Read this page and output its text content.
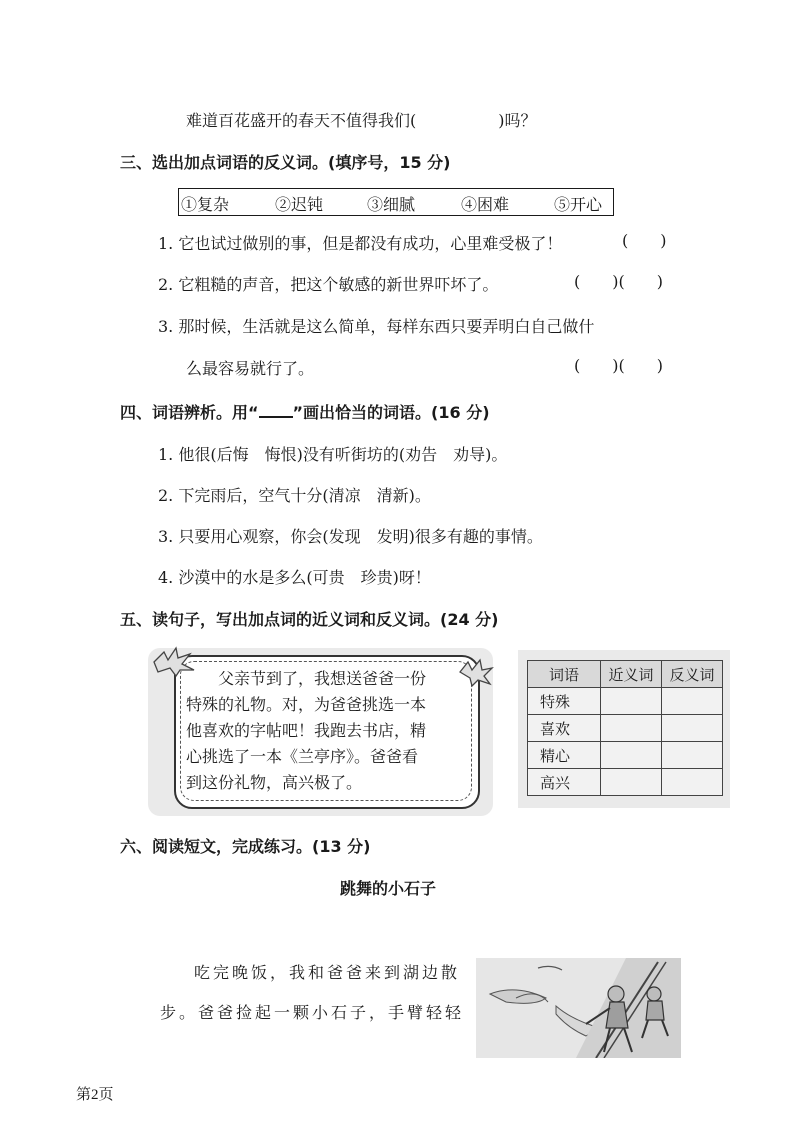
难道百花盛开的春天不值得我们(	)吗？
三、选出加点词语的反义词。(填序号，15 分)
①复杂	②迟钝	③细腻	④困难	⑤开心
1. 它也试过做别的事，但是都没有成功，心里难受极了！	( )
2. 它粗糙的声音，把这个敏感的新世界吓坏了。	( )( )
3. 那时候，生活就是这么简单，每样东西只要弄明白自己做什
么最容易就行了。	( )( )
四、词语辨析。用“ ”画出恰当的词语。(16 分)
1. 他很(后悔　悔恨)没有听街坊的(劝告　劝导)。
2. 下完雨后，空气十分(清凉　清新)。
3. 只要用心观察，你会(发现　发明)很多有趣的事情。
4. 沙漠中的水是多么(可贵　珍贵)呀！
五、读句子，写出加点词的近义词和反义词。(24 分)
　　父亲节到了，我想送爸爸一份
特殊的礼物。对，为爸爸挑选一本
他喜欢的字帖吧！我跑去书店，精
心挑选了一本《兰亭序》。爸爸看
到这份礼物，高兴极了。
词语	近义词	反义词
特殊		
喜欢		
精心		
高兴		
六、阅读短文，完成练习。(13 分)
跳舞的小石子
吃完晚饭，我和爸爸来到湖边散
步。爸爸捡起一颗小石子，手臂轻轻
第2页
